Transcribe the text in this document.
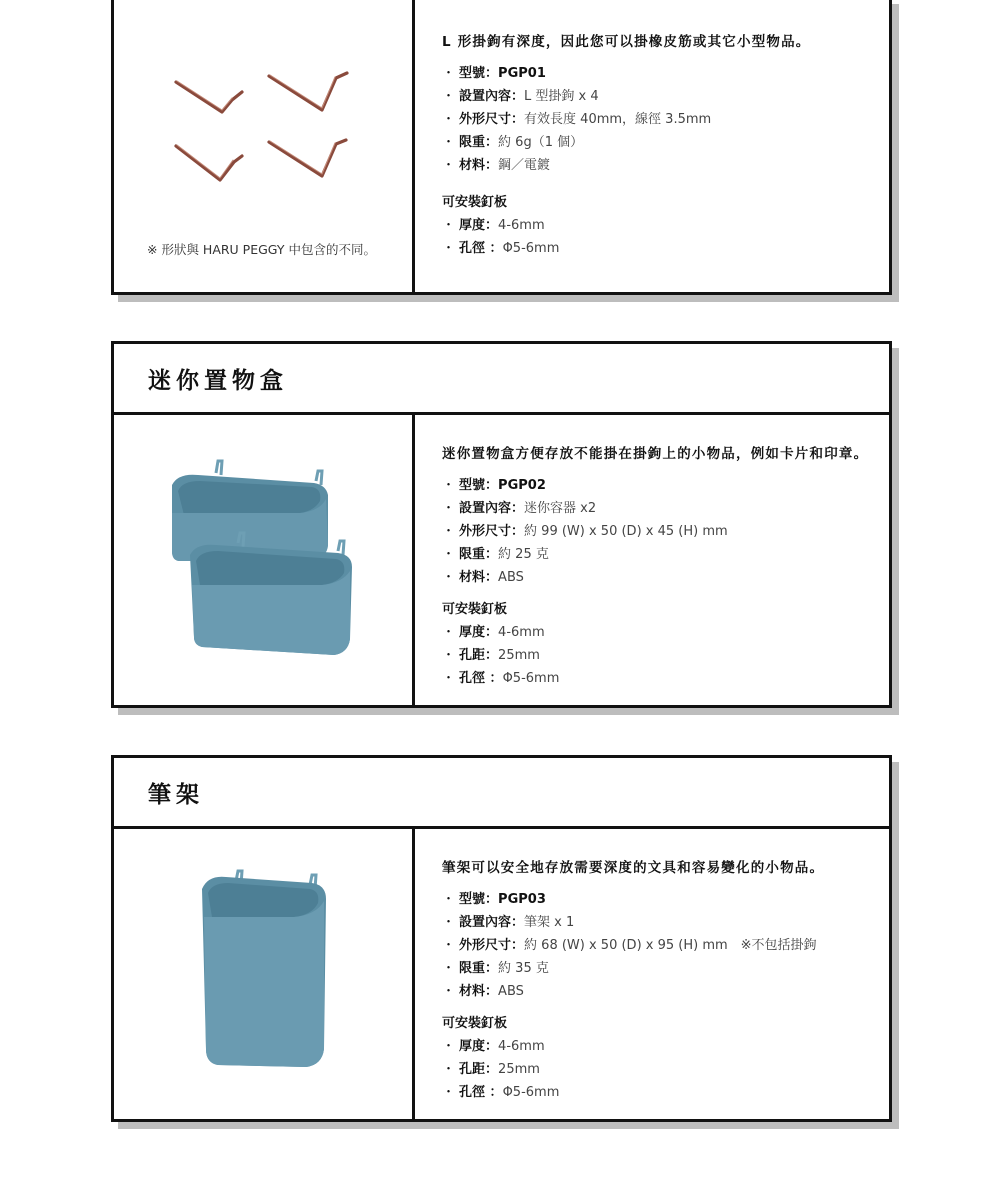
※ 形狀與 HARU PEGGY 中包含的不同。
L 形掛鉤有深度，因此您可以掛橡皮筋或其它小型物品。
・ 型號：PGP01
・ 設置內容：L 型掛鉤 x 4
・ 外形尺寸：有效長度 40mm，線徑 3.5mm
・ 限重：約 6g（1 個）
・ 材料：鋼／電鍍
可安裝釘板
・ 厚度：4-6mm
・ 孔徑 ：Φ5-6mm
迷你置物盒
迷你置物盒方便存放不能掛在掛鉤上的小物品，例如卡片和印章。
・ 型號：PGP02
・ 設置內容：迷你容器 x2
・ 外形尺寸：約 99 (W) x 50 (D) x 45 (H) mm
・ 限重：約 25 克
・ 材料：ABS
可安裝釘板
・ 厚度：4-6mm
・ 孔距：25mm
・ 孔徑 ：Φ5-6mm
筆架
筆架可以安全地存放需要深度的文具和容易變化的小物品。
・ 型號：PGP03
・ 設置內容：筆架 x 1
・ 外形尺寸：約 68 (W) x 50 (D) x 95 (H) mm　※不包括掛鉤
・ 限重：約 35 克
・ 材料：ABS
可安裝釘板
・ 厚度：4-6mm
・ 孔距：25mm
・ 孔徑 ：Φ5-6mm
